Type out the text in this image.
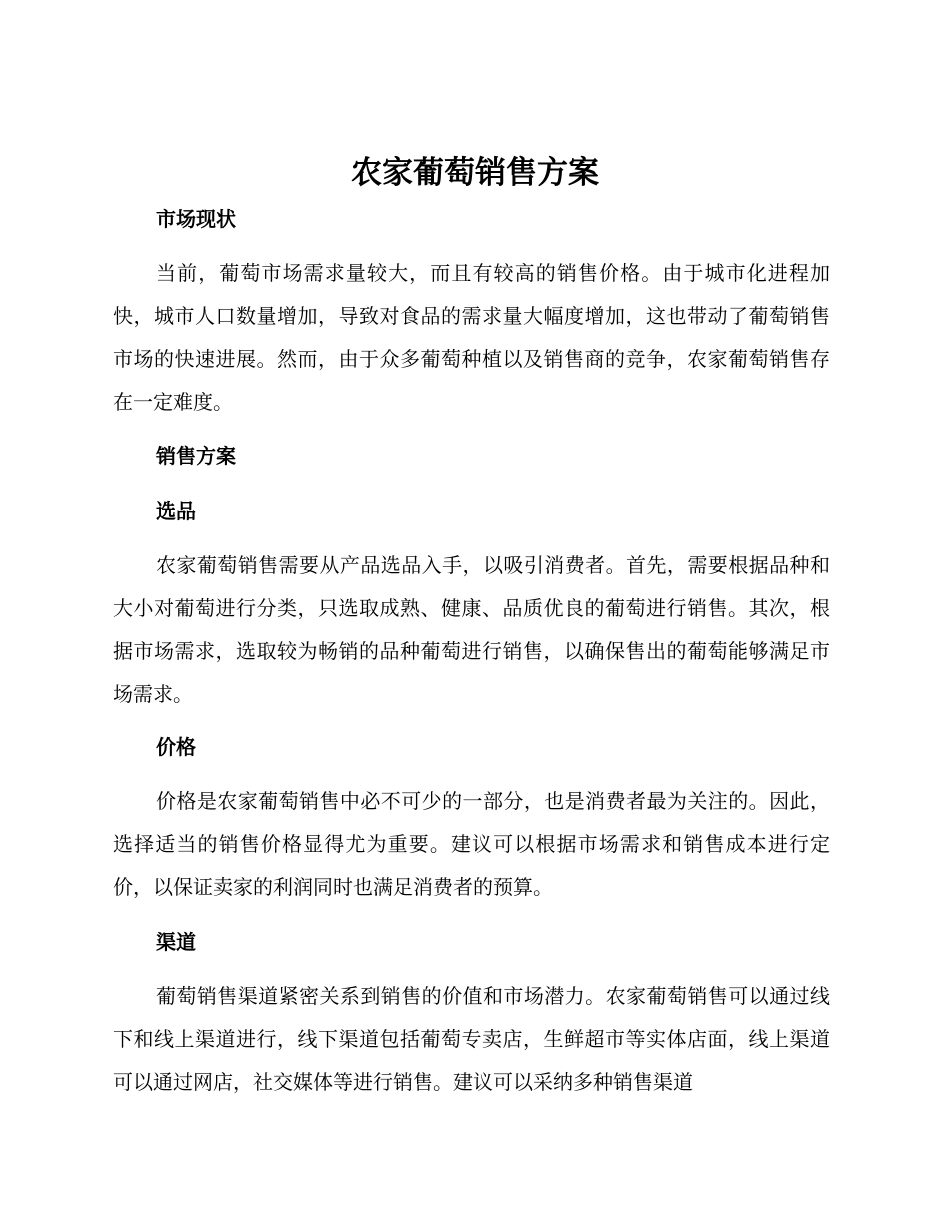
农家葡萄销售方案
市场现状

当前，葡萄市场需求量较大，而且有较高的销售价格。由于城市化进程加快，城市人口数量增加，导致对食品的需求量大幅度增加，这也带动了葡萄销售市场的快速进展。然而，由于众多葡萄种植以及销售商的竞争，农家葡萄销售存在一定难度。

销售方案
选品

农家葡萄销售需要从产品选品入手，以吸引消费者。首先，需要根据品种和大小对葡萄进行分类，只选取成熟、健康、品质优良的葡萄进行销售。其次，根据市场需求，选取较为畅销的品种葡萄进行销售，以确保售出的葡萄能够满足市场需求。

价格

价格是农家葡萄销售中必不可少的一部分，也是消费者最为关注的。因此，选择适当的销售价格显得尤为重要。建议可以根据市场需求和销售成本进行定价，以保证卖家的利润同时也满足消费者的预算。

渠道

葡萄销售渠道紧密关系到销售的价值和市场潜力。农家葡萄销售可以通过线下和线上渠道进行，线下渠道包括葡萄专卖店，生鲜超市等实体店面，线上渠道可以通过网店，社交媒体等进行销售。建议可以采纳多种销售渠道
